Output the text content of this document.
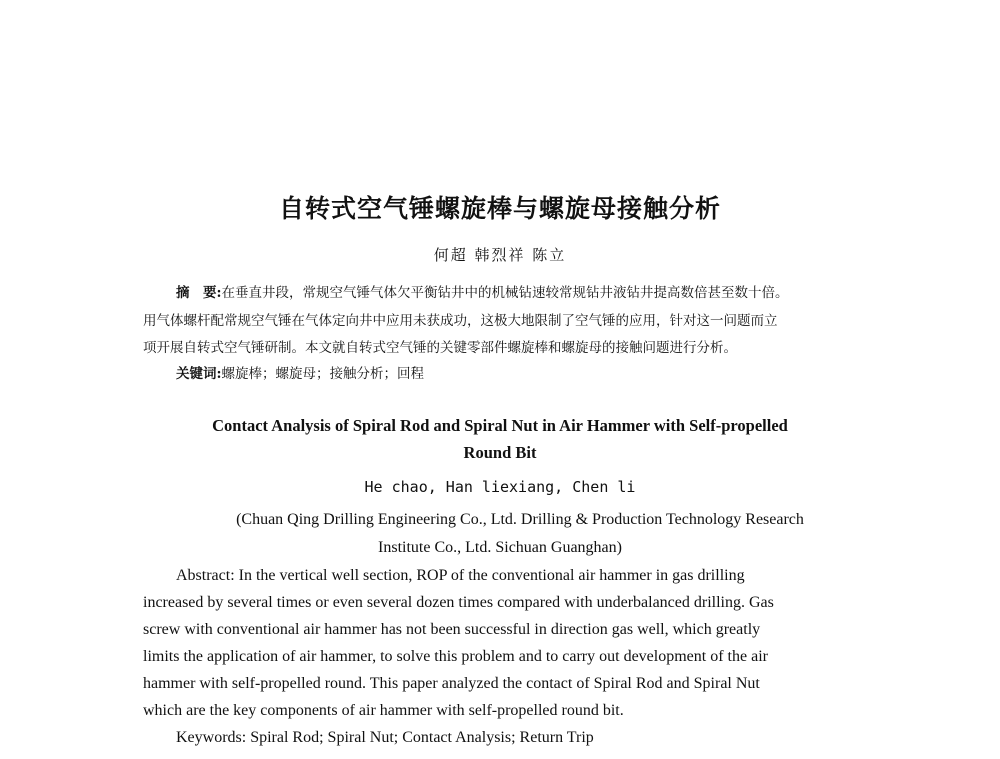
自转式空气锤螺旋棒与螺旋母接触分析
何超 韩烈祥 陈立
摘　要:在垂直井段，常规空气锤气体欠平衡钻井中的机械钻速较常规钻井液钻井提高数倍甚至数十倍。
用气体螺杆配常规空气锤在气体定向井中应用未获成功，这极大地限制了空气锤的应用，针对这一问题而立
项开展自转式空气锤研制。本文就自转式空气锤的关键零部件螺旋棒和螺旋母的接触问题进行分析。
关键词:螺旋棒；螺旋母；接触分析；回程
Contact Analysis of Spiral Rod and Spiral Nut in Air Hammer with Self-propelled
Round Bit
He chao, Han liexiang, Chen li
(Chuan Qing Drilling Engineering Co., Ltd. Drilling & Production Technology Research
Institute Co., Ltd. Sichuan Guanghan)
Abstract: In the vertical well section, ROP of the conventional air hammer in gas drilling
increased by several times or even several dozen times compared with underbalanced drilling. Gas
screw with conventional air hammer has not been successful in direction gas well, which greatly
limits the application of air hammer, to solve this problem and to carry out development of the air
hammer with self-propelled round. This paper analyzed the contact of Spiral Rod and Spiral Nut
which are the key components of air hammer with self-propelled round bit.
Keywords: Spiral Rod; Spiral Nut; Contact Analysis; Return Trip
